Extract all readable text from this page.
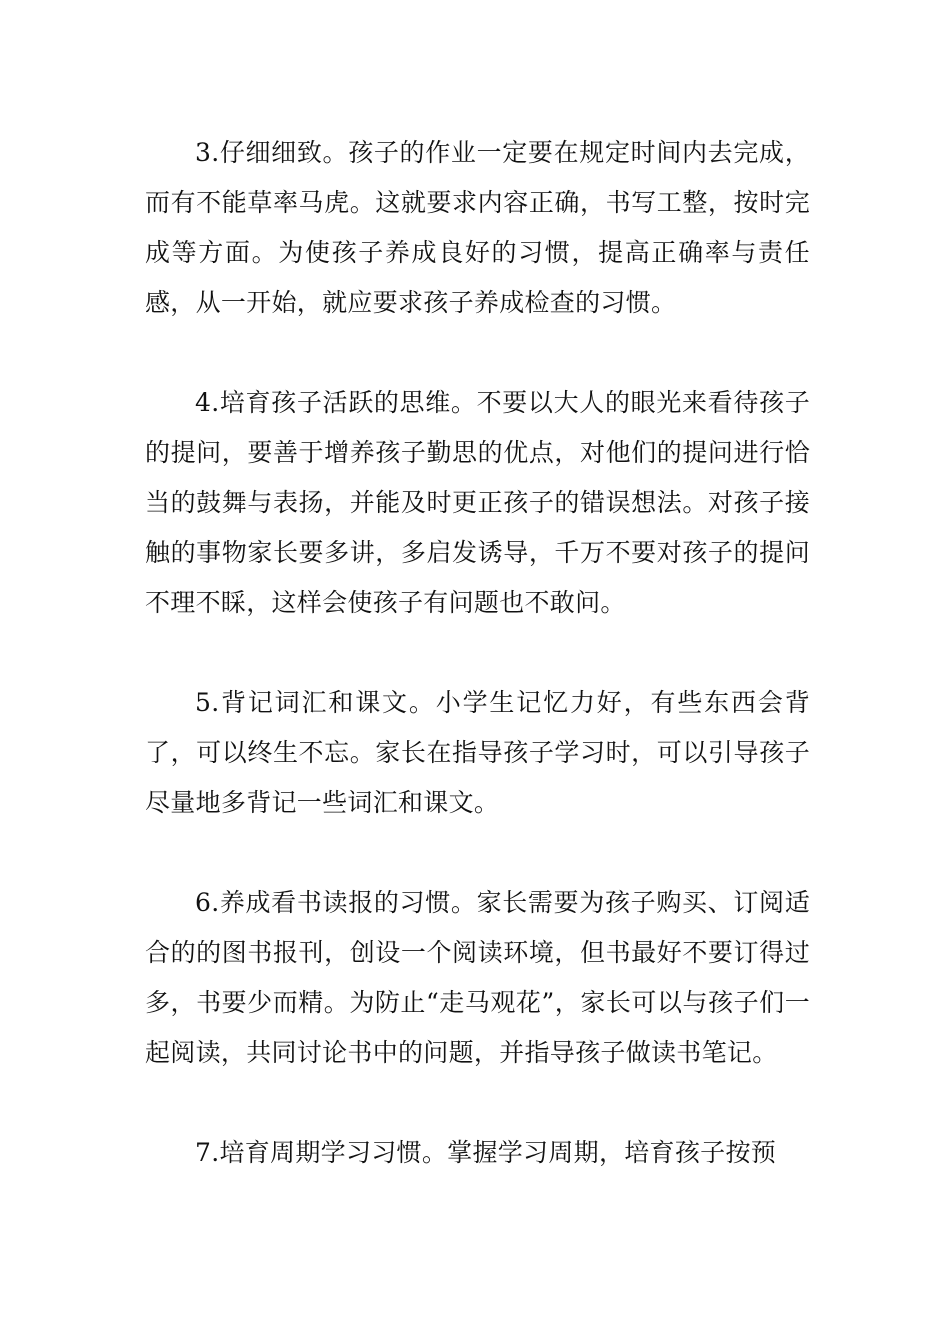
3.仔细细致。孩子的作业一定要在规定时间内去完成，而有不能草率马虎。这就要求内容正确，书写工整，按时完成等方面。为使孩子养成良好的习惯，提高正确率与责任感，从一开始，就应要求孩子养成检查的习惯。

4.培育孩子活跃的思维。不要以大人的眼光来看待孩子的提问，要善于增养孩子勤思的优点，对他们的提问进行恰当的鼓舞与表扬，并能及时更正孩子的错误想法。对孩子接触的事物家长要多讲，多启发诱导，千万不要对孩子的提问不理不睬，这样会使孩子有问题也不敢问。

5.背记词汇和课文。小学生记忆力好，有些东西会背了，可以终生不忘。家长在指导孩子学习时，可以引导孩子尽量地多背记一些词汇和课文。

6.养成看书读报的习惯。家长需要为孩子购买、订阅适合的的图书报刊，创设一个阅读环境，但书最好不要订得过多，书要少而精。为防止“走马观花”，家长可以与孩子们一起阅读，共同讨论书中的问题，并指导孩子做读书笔记。

7.培育周期学习习惯。掌握学习周期，培育孩子按预
